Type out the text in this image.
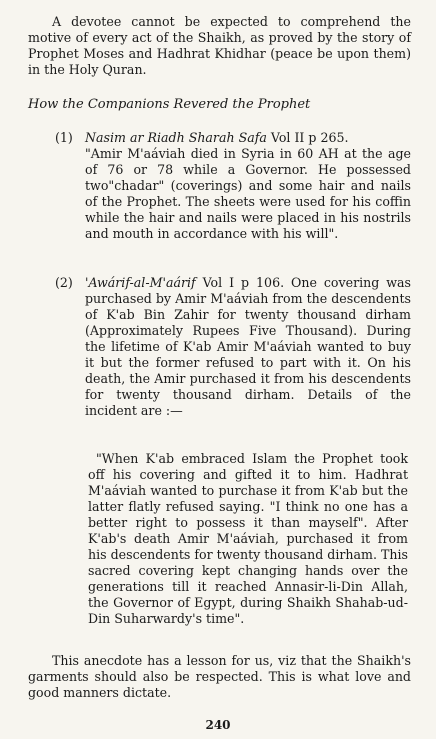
A devotee cannot be expected to comprehend the motive of every act of the Shaikh, as proved by the story of Prophet Moses and Hadhrat Khidhar (peace be upon them) in the Holy Quran.

How the Companions Revered the Prophet

(1) Nasim ar Riadh Sharah Safa Vol II p 265.
"Amir M'aáviah died in Syria in 60 AH at the age of 76 or 78 while a Governor. He possessed two"chadar" (coverings) and some hair and nails of the Prophet. The sheets were used for his coffin while the hair and nails were placed in his nostrils and mouth in accordance with his will".

(2) 'Awárif-al-M'aárif Vol I p 106. One covering was purchased by Amir M'aáviah from the descendents of K'ab Bin Zahir for twenty thousand dirham (Approximately Rupees Five Thousand). During the lifetime of K'ab Amir M'aáviah wanted to buy it but the former refused to part with it. On his death, the Amir purchased it from his descendents for twenty thousand dirham. Details of the incident are :—

"When K'ab embraced Islam the Prophet took off his covering and gifted it to him. Hadhrat M'aáviah wanted to purchase it from K'ab but the latter flatly refused saying. "I think no one has a better right to possess it than mayself". After K'ab's death Amir M'aáviah, purchased it from his descendents for twenty thousand dirham. This sacred covering kept changing hands over the generations till it reached Annasir-li-Din Allah, the Governor of Egypt, during Shaikh Shahab-ud-Din Suharwardy's time".

This anecdote has a lesson for us, viz that the Shaikh's garments should also be respected. This is what love and good manners dictate.

240
